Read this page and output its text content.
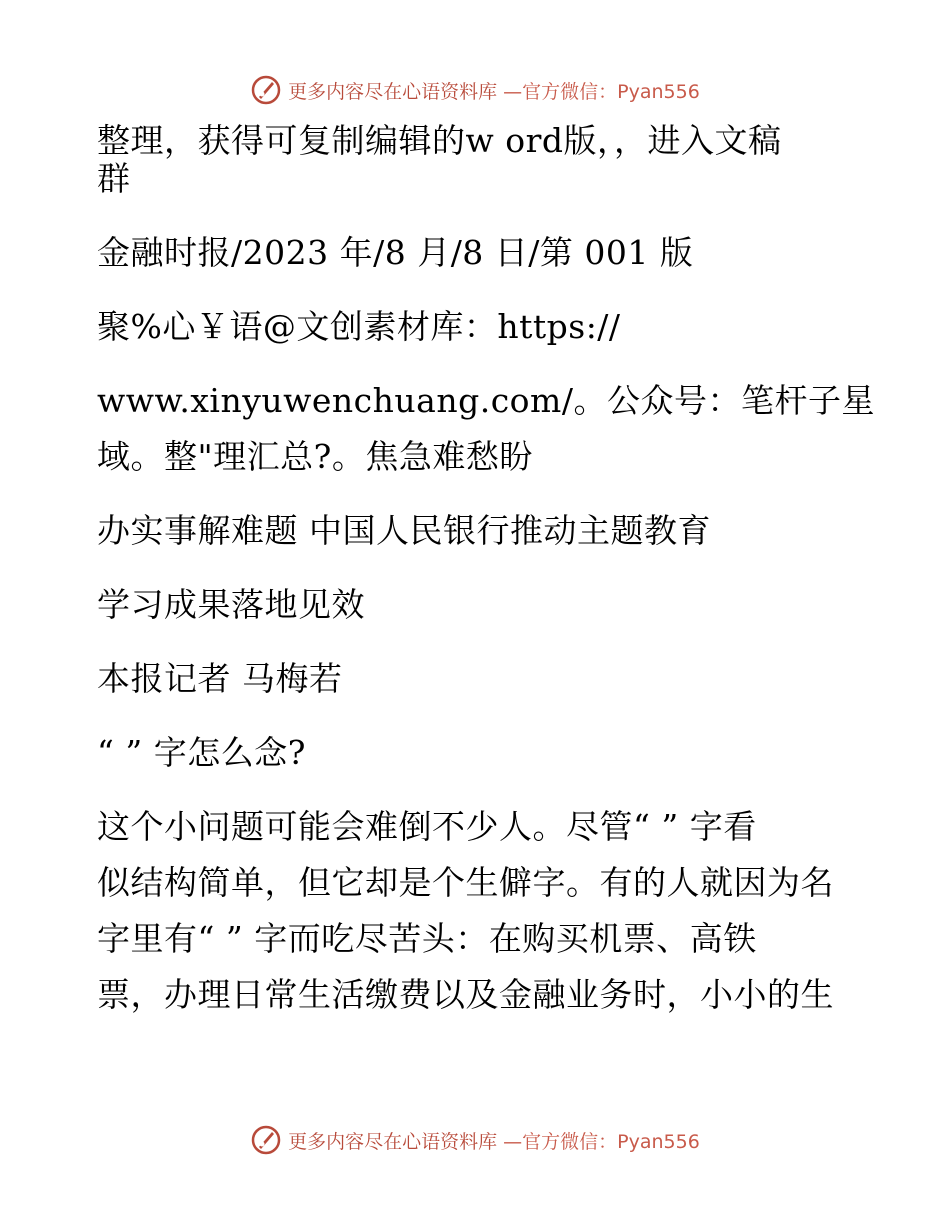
更多内容尽在心语资料库 —官方微信：Pyan556
整理，获得可复制编辑的w ord版，，进入文稿
群
金融时报/2023 年/8 月/8 日/第 001 版
聚%心￥语@文创素材库：https://
www.xinyuwenchuang.com/。公众号：笔杆子星
域。整"理汇总?。焦急难愁盼
办实事解难题 中国人民银行推动主题教育
学习成果落地见效
本报记者 马梅若
“ ” 字怎么念?
这个小问题可能会难倒不少人。尽管“ ” 字看
似结构简单，但它却是个生僻字。有的人就因为名
字里有“ ” 字而吃尽苦头：在购买机票、高铁
票，办理日常生活缴费以及金融业务时，小小的生
更多内容尽在心语资料库 —官方微信：Pyan556
